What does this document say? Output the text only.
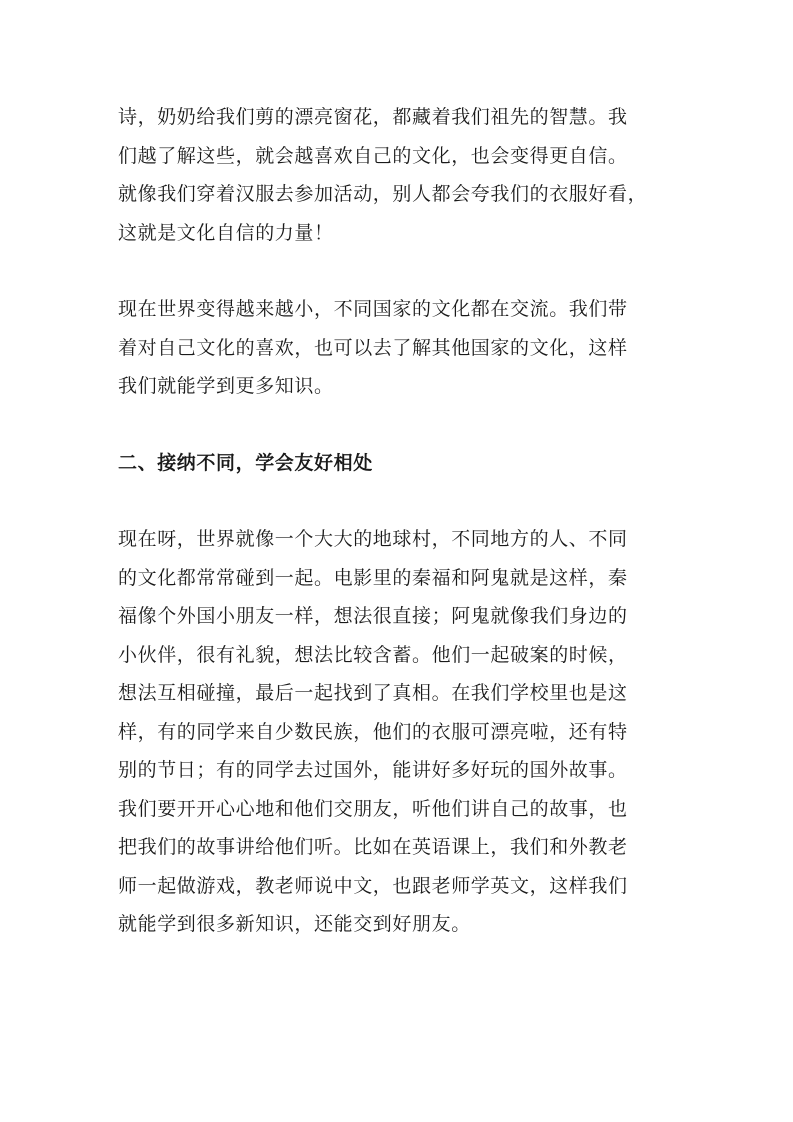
诗，奶奶给我们剪的漂亮窗花，都藏着我们祖先的智慧。我
们越了解这些，就会越喜欢自己的文化，也会变得更自信。
就像我们穿着汉服去参加活动，别人都会夸我们的衣服好看，
这就是文化自信的力量！

现在世界变得越来越小，不同国家的文化都在交流。我们带
着对自己文化的喜欢，也可以去了解其他国家的文化，这样
我们就能学到更多知识。

二、接纳不同，学会友好相处

现在呀，世界就像一个大大的地球村，不同地方的人、不同
的文化都常常碰到一起。电影里的秦福和阿鬼就是这样，秦
福像个外国小朋友一样，想法很直接；阿鬼就像我们身边的
小伙伴，很有礼貌，想法比较含蓄。他们一起破案的时候，
想法互相碰撞，最后一起找到了真相。在我们学校里也是这
样，有的同学来自少数民族，他们的衣服可漂亮啦，还有特
别的节日；有的同学去过国外，能讲好多好玩的国外故事。
我们要开开心心地和他们交朋友，听他们讲自己的故事，也
把我们的故事讲给他们听。比如在英语课上，我们和外教老
师一起做游戏，教老师说中文，也跟老师学英文，这样我们
就能学到很多新知识，还能交到好朋友。
